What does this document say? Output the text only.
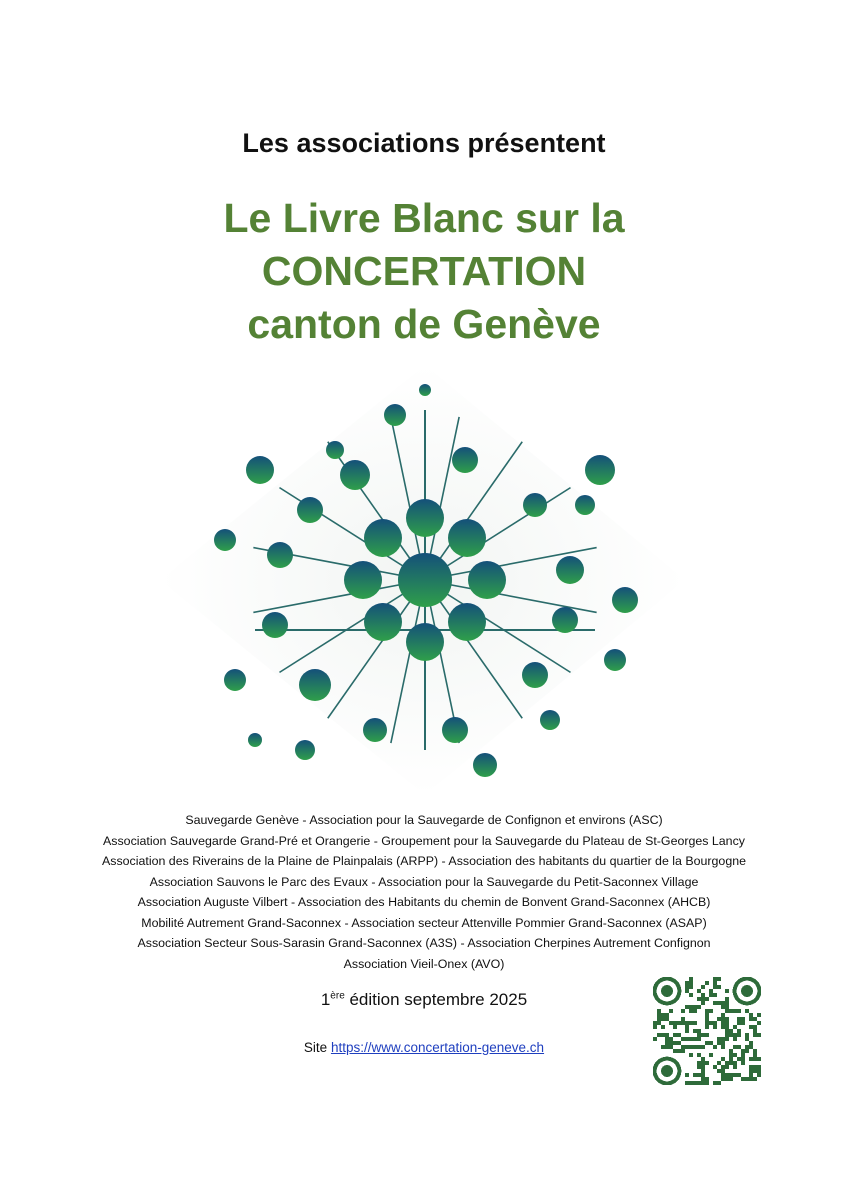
Les associations présentent
Le Livre Blanc sur la
CONCERTATION
canton de Genève
Sauvegarde Genève - Association pour la Sauvegarde de Confignon et environs (ASC)
Association Sauvegarde Grand-Pré et Orangerie - Groupement pour la Sauvegarde du Plateau de St-Georges Lancy
Association des Riverains de la Plaine de Plainpalais (ARPP) - Association des habitants du quartier de la Bourgogne
Association Sauvons le Parc des Evaux - Association pour la Sauvegarde du Petit-Saconnex Village
Association Auguste Vilbert - Association des Habitants du chemin de Bonvent Grand-Saconnex (AHCB)
Mobilité Autrement Grand-Saconnex - Association secteur Attenville Pommier Grand-Saconnex (ASAP)
Association Secteur Sous-Sarasin Grand-Saconnex (A3S) - Association Cherpines Autrement Confignon
Association Vieil-Onex (AVO)
1ère édition septembre 2025
Site https://www.concertation-geneve.ch
